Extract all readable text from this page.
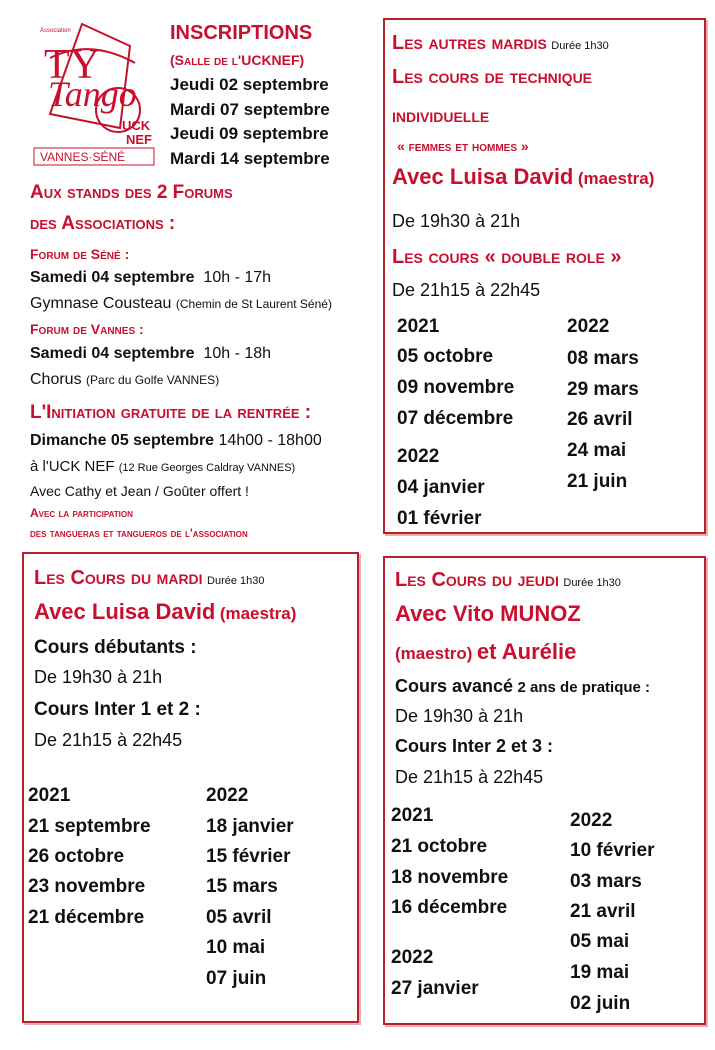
Association
TY
Tango
UCK
NEF
VANNES·SÉNÉ
INSCRIPTIONS
(Salle de l'UCKNEF)
Jeudi 02 septembre
Mardi 07 septembre
Jeudi 09 septembre
Mardi 14 septembre
Aux stands des 2 Forums
des Associations :
Forum de Séné :
Samedi 04 septembre 10h - 17h
Gymnase Cousteau (Chemin de St Laurent Séné)
Forum de Vannes :
Samedi 04 septembre 10h - 18h
Chorus (Parc du Golfe VANNES)
L'Initiation gratuite de la rentrée :
Dimanche 05 septembre 14h00 - 18h00
à l'UCK NEF (12 Rue Georges Caldray VANNES)
Avec Cathy et Jean / Goûter offert !
Avec la participation
des tangueras et tangueros de l'association
Les autres mardis Durée 1h30
Les cours de technique
individuelle
« femmes et hommes »
Avec Luisa David (maestra)
De 19h30 à 21h
Les cours « double role »
De 21h15 à 22h45
2021
05 octobre
09 novembre
07 décembre
2022
04 janvier
01 février
2022
08 mars
29 mars
26 avril
24 mai
21 juin
Les Cours du mardi Durée 1h30
Avec Luisa David (maestra)
Cours débutants :
De 19h30 à 21h
Cours Inter 1 et 2 :
De 21h15 à 22h45
2021
21 septembre
26 octobre
23 novembre
21 décembre
2022
18 janvier
15 février
15 mars
05 avril
10 mai
07 juin
Les Cours du jeudi Durée 1h30
Avec Vito MUNOZ
(maestro) et Aurélie
Cours avancé 2 ans de pratique :
De 19h30 à 21h
Cours Inter 2 et 3 :
De 21h15 à 22h45
2021
21 octobre
18 novembre
16 décembre
2022
27 janvier
2022
10 février
03 mars
21 avril
05 mai
19 mai
02 juin
